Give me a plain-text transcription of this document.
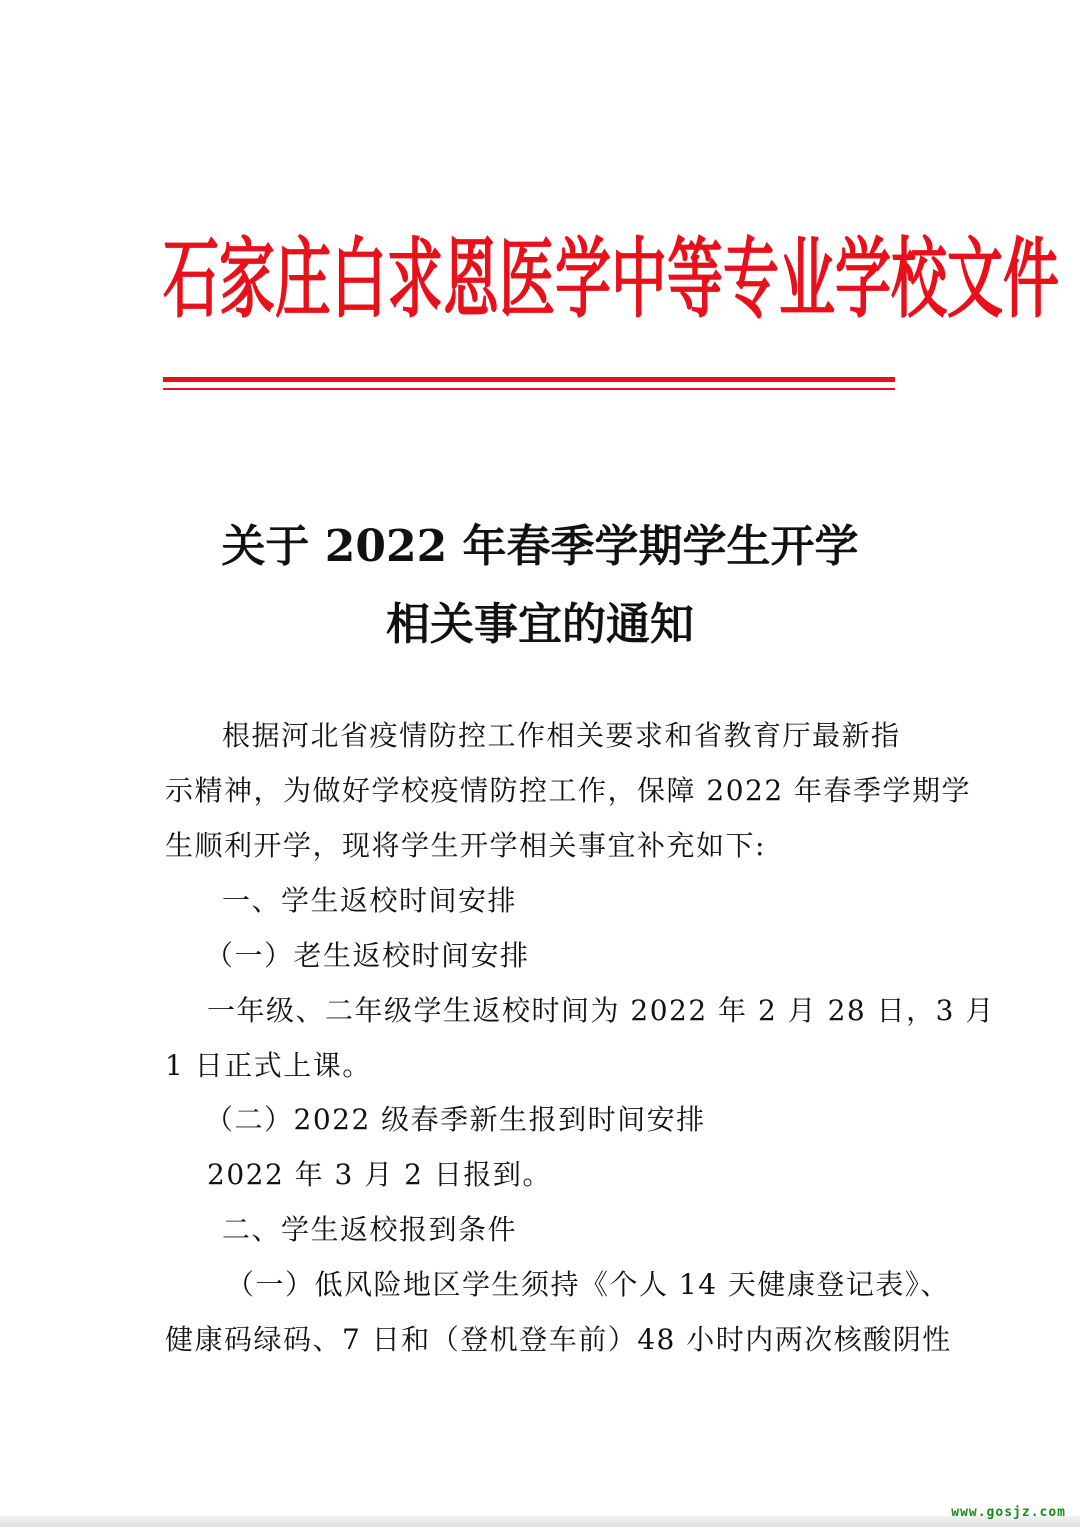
石家庄白求恩医学中等专业学校文件
关于 2022 年春季学期学生开学
相关事宜的通知
根据河北省疫情防控工作相关要求和省教育厅最新指
示精神，为做好学校疫情防控工作，保障 2022 年春季学期学
生顺利开学，现将学生开学相关事宜补充如下:
一、学生返校时间安排
（一）老生返校时间安排
一年级、二年级学生返校时间为 2022 年 2 月 28 日，3 月
1 日正式上课。
（二）2022 级春季新生报到时间安排
2022 年 3 月 2 日报到。
二、学生返校报到条件
（一）低风险地区学生须持《个人 14 天健康登记表》、
健康码绿码、7 日和（登机登车前）48 小时内两次核酸阴性
www.gosjz.com
